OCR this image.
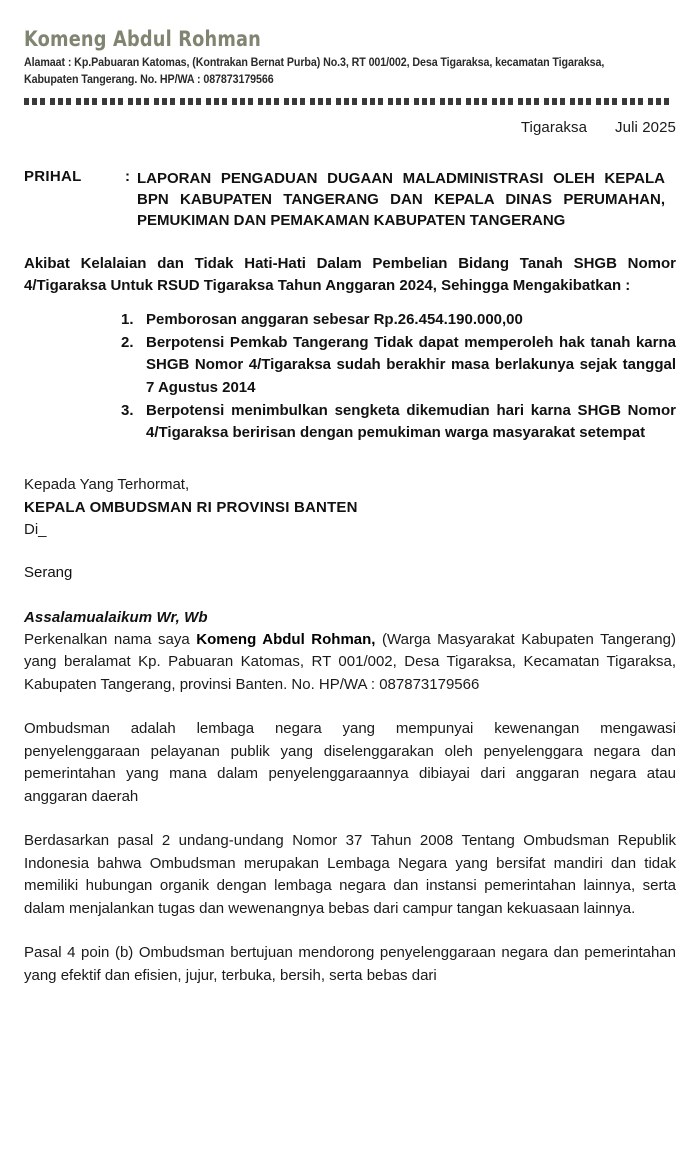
Komeng Abdul Rohman
Alamaat : Kp.Pabuaran Katomas, (Kontrakan Bernat Purba) No.3, RT 001/002, Desa Tigaraksa, kecamatan Tigaraksa,
Kabupaten Tangerang. No. HP/WA : 087873179566
Tigaraksa Juli 2025
PRIHAL	: LAPORAN PENGADUAN DUGAAN MALADMINISTRASI OLEH KEPALA BPN KABUPATEN TANGERANG DAN KEPALA DINAS PERUMAHAN, PEMUKIMAN DAN PEMAKAMAN KABUPATEN TANGERANG
Akibat Kelalaian dan Tidak Hati-Hati Dalam Pembelian Bidang Tanah SHGB Nomor 4/Tigaraksa Untuk RSUD Tigaraksa Tahun Anggaran 2024, Sehingga Mengakibatkan :
Pemborosan anggaran sebesar Rp.26.454.190.000,00
Berpotensi Pemkab Tangerang Tidak dapat memperoleh hak tanah karna SHGB Nomor 4/Tigaraksa sudah berakhir masa berlakunya sejak tanggal 7 Agustus 2014
Berpotensi menimbulkan sengketa dikemudian hari karna SHGB Nomor 4/Tigaraksa beririsan dengan pemukiman warga masyarakat setempat
Kepada Yang Terhormat,
KEPALA OMBUDSMAN RI PROVINSI BANTEN
Di_
Serang
Assalamualaikum Wr, Wb

Perkenalkan nama saya Komeng Abdul Rohman, (Warga Masyarakat Kabupaten Tangerang) yang beralamat Kp. Pabuaran Katomas, RT 001/002, Desa Tigaraksa, Kecamatan Tigaraksa, Kabupaten Tangerang, provinsi Banten. No. HP/WA : 087873179566

Ombudsman adalah lembaga negara yang mempunyai kewenangan mengawasi penyelenggaraan pelayanan publik yang diselenggarakan oleh penyelenggara negara dan pemerintahan yang mana dalam penyelenggaraannya dibiayai dari anggaran negara atau anggaran daerah

Berdasarkan pasal 2 undang-undang Nomor 37 Tahun 2008 Tentang Ombudsman Republik Indonesia bahwa Ombudsman merupakan Lembaga Negara yang bersifat mandiri dan tidak memiliki hubungan organik dengan lembaga negara dan instansi pemerintahan lainnya, serta dalam menjalankan tugas dan wewenangnya bebas dari campur tangan kekuasaan lainnya.

Pasal 4 poin (b) Ombudsman bertujuan mendorong penyelenggaraan negara dan pemerintahan yang efektif dan efisien, jujur, terbuka, bersih, serta bebas dari
